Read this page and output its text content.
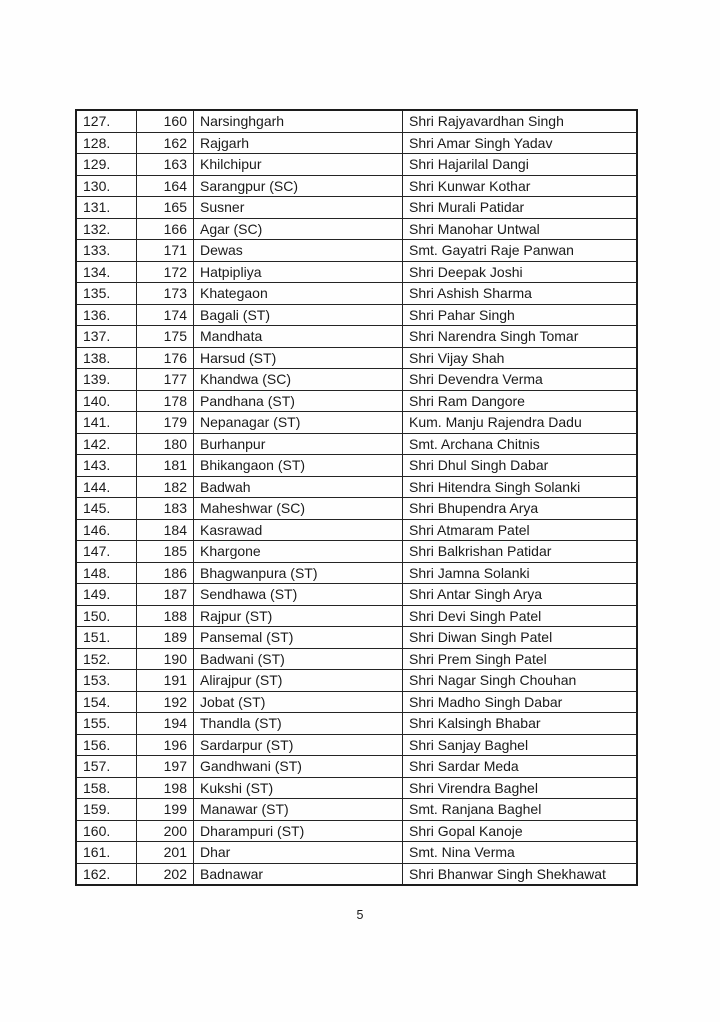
127.	160	Narsinghgarh	Shri Rajyavardhan Singh
128.	162	Rajgarh	Shri Amar Singh Yadav
129.	163	Khilchipur	Shri Hajarilal Dangi
130.	164	Sarangpur (SC)	Shri Kunwar Kothar
131.	165	Susner	Shri Murali Patidar
132.	166	Agar (SC)	Shri Manohar Untwal
133.	171	Dewas	Smt. Gayatri Raje Panwan
134.	172	Hatpipliya	Shri Deepak Joshi
135.	173	Khategaon	Shri Ashish Sharma
136.	174	Bagali (ST)	Shri Pahar Singh
137.	175	Mandhata	Shri Narendra Singh Tomar
138.	176	Harsud (ST)	Shri Vijay Shah
139.	177	Khandwa (SC)	Shri Devendra Verma
140.	178	Pandhana (ST)	Shri Ram Dangore
141.	179	Nepanagar (ST)	Kum. Manju Rajendra Dadu
142.	180	Burhanpur	Smt. Archana Chitnis
143.	181	Bhikangaon (ST)	Shri Dhul Singh Dabar
144.	182	Badwah	Shri Hitendra Singh Solanki
145.	183	Maheshwar (SC)	Shri Bhupendra Arya
146.	184	Kasrawad	Shri Atmaram Patel
147.	185	Khargone	Shri Balkrishan Patidar
148.	186	Bhagwanpura (ST)	Shri Jamna Solanki
149.	187	Sendhawa (ST)	Shri Antar Singh Arya
150.	188	Rajpur (ST)	Shri Devi Singh Patel
151.	189	Pansemal (ST)	Shri Diwan Singh Patel
152.	190	Badwani (ST)	Shri Prem Singh Patel
153.	191	Alirajpur (ST)	Shri Nagar Singh Chouhan
154.	192	Jobat (ST)	Shri Madho Singh Dabar
155.	194	Thandla (ST)	Shri Kalsingh Bhabar
156.	196	Sardarpur (ST)	Shri Sanjay Baghel
157.	197	Gandhwani (ST)	Shri Sardar Meda
158.	198	Kukshi (ST)	Shri Virendra Baghel
159.	199	Manawar (ST)	Smt. Ranjana Baghel
160.	200	Dharampuri (ST)	Shri Gopal Kanoje
161.	201	Dhar	Smt. Nina Verma
162.	202	Badnawar	Shri Bhanwar Singh Shekhawat
5
